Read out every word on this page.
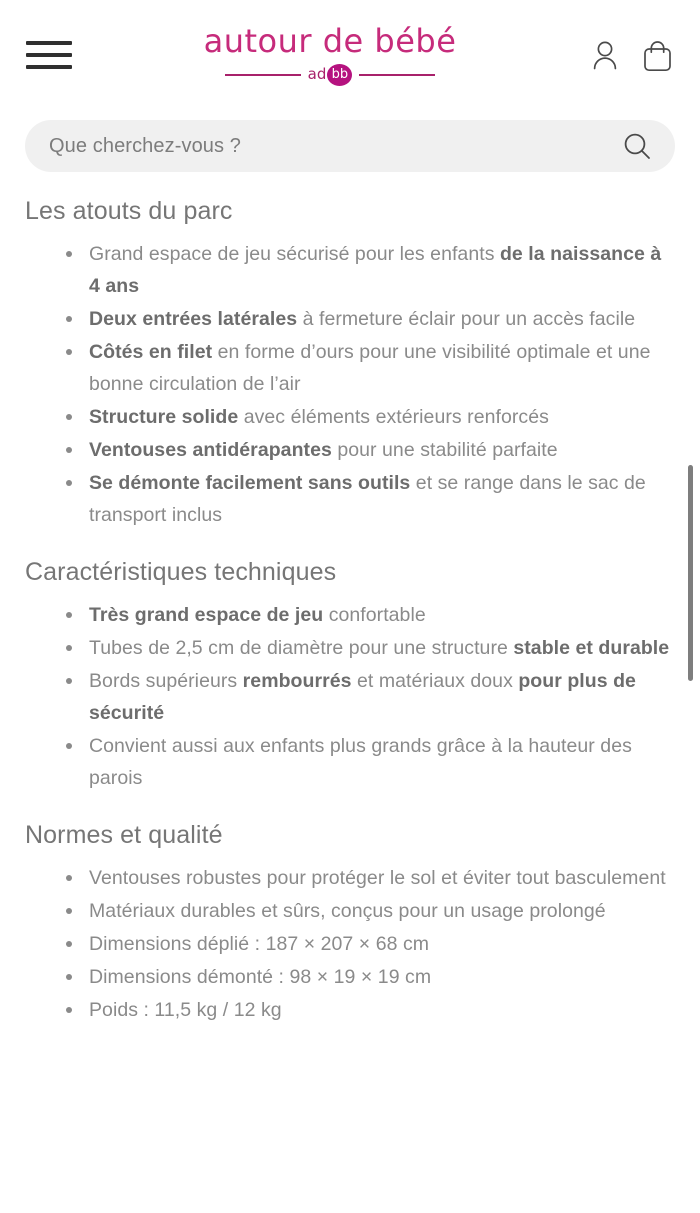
autour de bébé
ad bb
Que cherchez-vous ?
Les atouts du parc
Grand espace de jeu sécurisé pour les enfants de la naissance à 4 ans
Deux entrées latérales à fermeture éclair pour un accès facile
Côtés en filet en forme d’ours pour une visibilité optimale et une bonne circulation de l’air
Structure solide avec éléments extérieurs renforcés
Ventouses antidérapantes pour une stabilité parfaite
Se démonte facilement sans outils et se range dans le sac de transport inclus
Caractéristiques techniques
Très grand espace de jeu confortable
Tubes de 2,5 cm de diamètre pour une structure stable et durable
Bords supérieurs rembourrés et matériaux doux pour plus de sécurité
Convient aussi aux enfants plus grands grâce à la hauteur des parois
Normes et qualité
Ventouses robustes pour protéger le sol et éviter tout basculement
Matériaux durables et sûrs, conçus pour un usage prolongé
Dimensions déplié : 187 × 207 × 68 cm
Dimensions démonté : 98 × 19 × 19 cm
Poids : 11,5 kg / 12 kg
